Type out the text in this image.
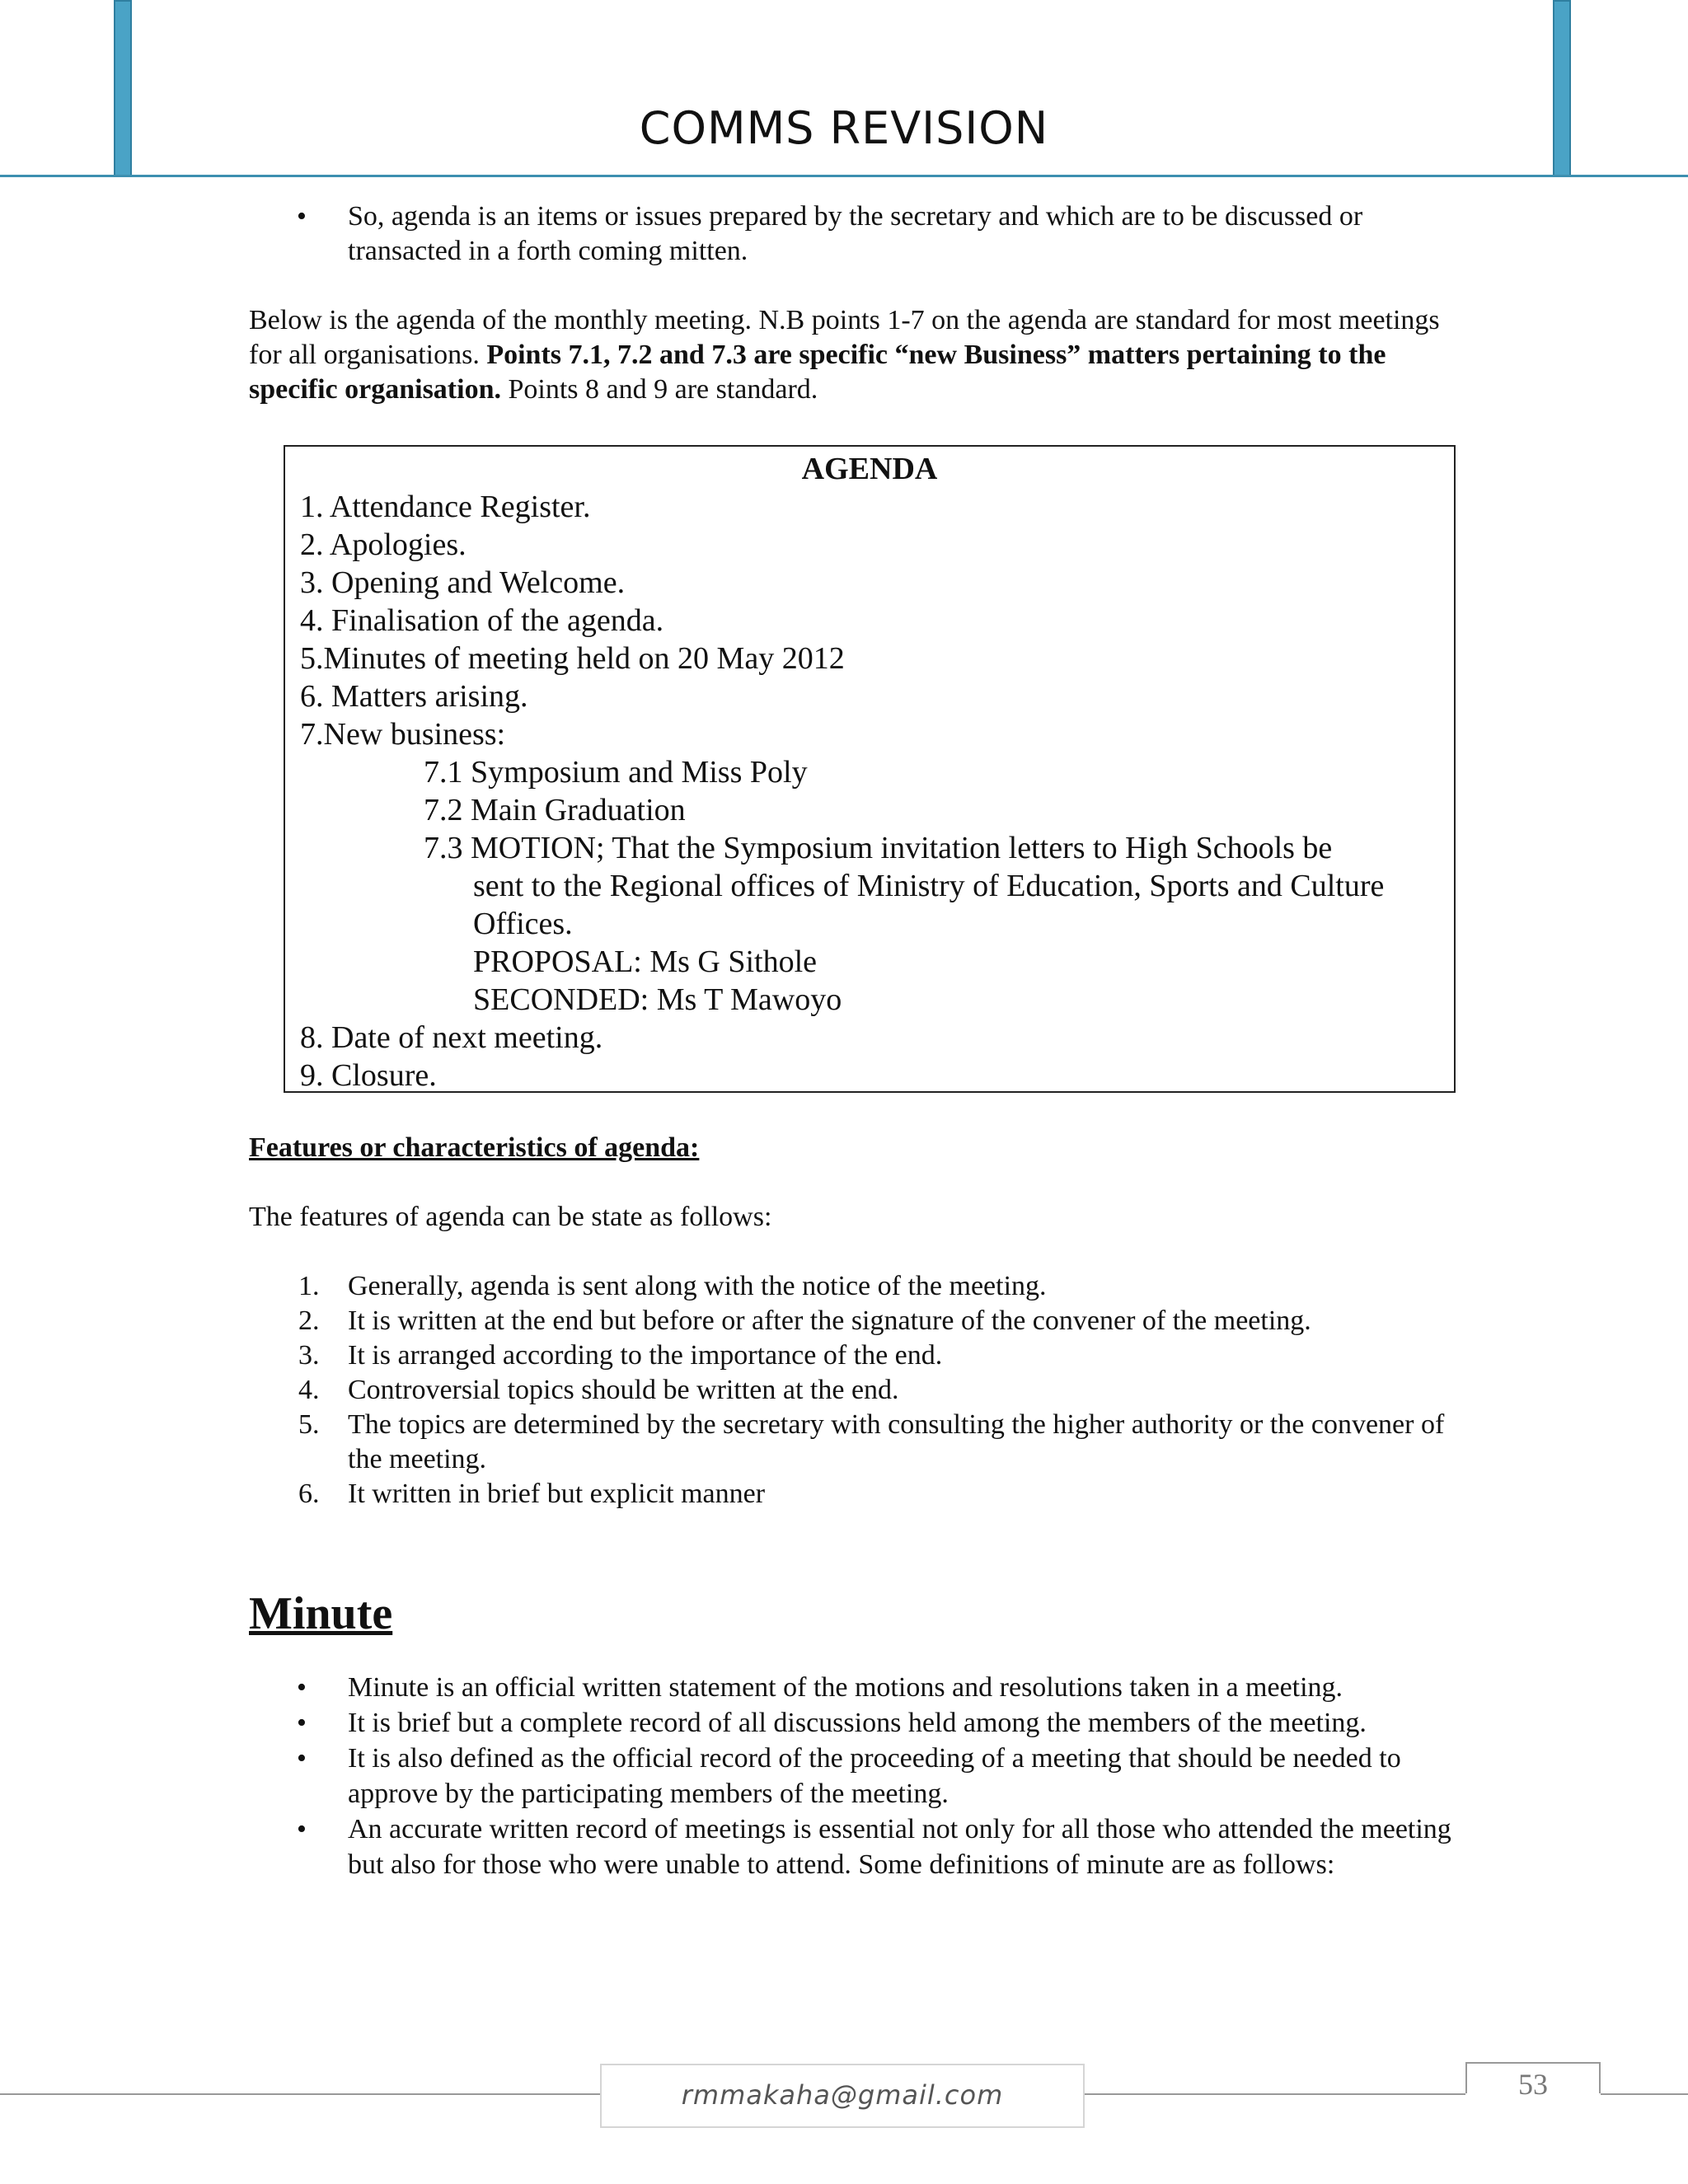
COMMS REVISION
• So, agenda is an items or issues prepared by the secretary and which are to be discussed or transacted in a forth coming mitten.

Below is the agenda of the monthly meeting. N.B points 1-7 on the agenda are standard for most meetings for all organisations. Points 7.1, 7.2 and 7.3 are specific “new Business” matters pertaining to the specific organisation. Points 8 and 9 are standard.

AGENDA
1. Attendance Register.
2. Apologies.
3. Opening and Welcome.
4. Finalisation of the agenda.
5.Minutes of meeting held on 20 May 2012
6. Matters arising.
7.New business:
7.1 Symposium and Miss Poly
7.2 Main Graduation
7.3 MOTION; That the Symposium invitation letters to High Schools be
sent to the Regional offices of Ministry of Education, Sports and Culture
Offices.
PROPOSAL: Ms G Sithole
SECONDED: Ms T Mawoyo
8. Date of next meeting.
9. Closure.

Features or characteristics of agenda:

The features of agenda can be state as follows:

1. Generally, agenda is sent along with the notice of the meeting.
2. It is written at the end but before or after the signature of the convener of the meeting.
3. It is arranged according to the importance of the end.
4. Controversial topics should be written at the end.
5. The topics are determined by the secretary with consulting the higher authority or the convener of the meeting.
6. It written in brief but explicit manner

Minute

• Minute is an official written statement of the motions and resolutions taken in a meeting.
• It is brief but a complete record of all discussions held among the members of the meeting.
• It is also defined as the official record of the proceeding of a meeting that should be needed to approve by the participating members of the meeting.
• An accurate written record of meetings is essential not only for all those who attended the meeting but also for those who were unable to attend. Some definitions of minute are as follows:
rmmakaha@gmail.com	53
